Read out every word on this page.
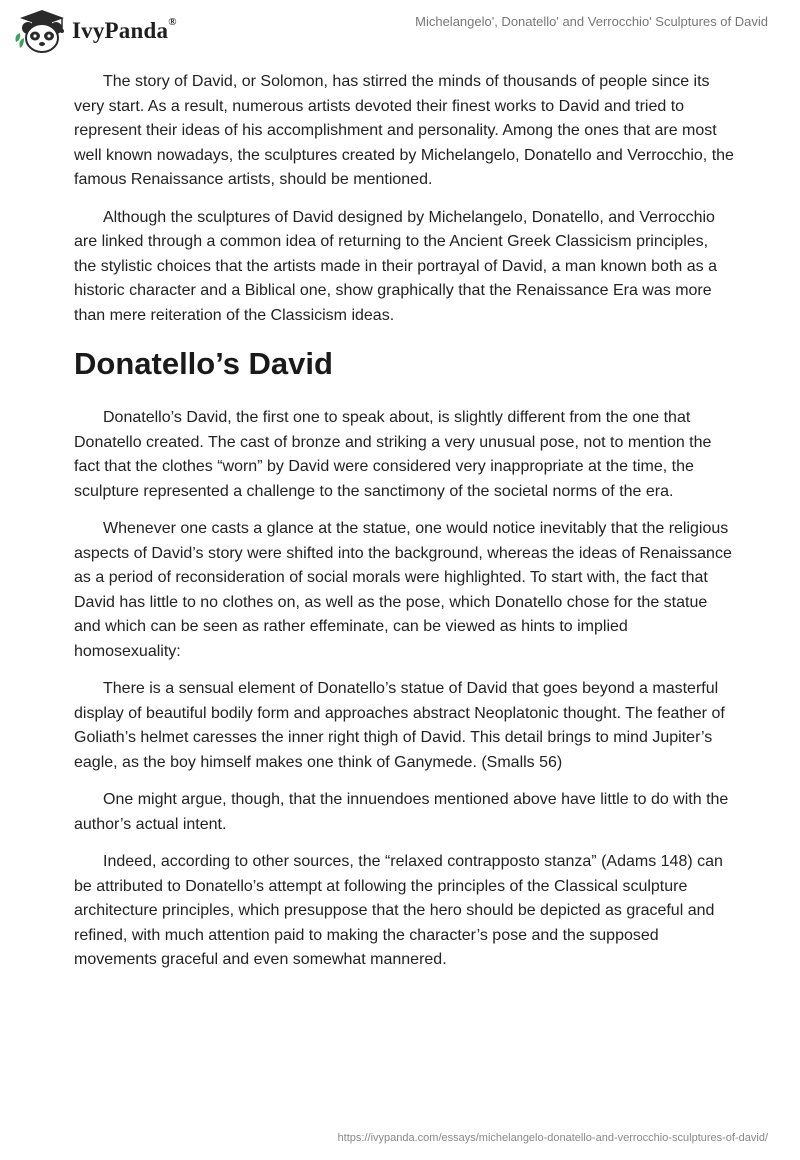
IvyPanda®	Michelangelo', Donatello' and Verrocchio' Sculptures of David

The story of David, or Solomon, has stirred the minds of thousands of people since its very start. As a result, numerous artists devoted their finest works to David and tried to represent their ideas of his accomplishment and personality. Among the ones that are most well known nowadays, the sculptures created by Michelangelo, Donatello and Verrocchio, the famous Renaissance artists, should be mentioned.

Although the sculptures of David designed by Michelangelo, Donatello, and Verrocchio are linked through a common idea of returning to the Ancient Greek Classicism principles, the stylistic choices that the artists made in their portrayal of David, a man known both as a historic character and a Biblical one, show graphically that the Renaissance Era was more than mere reiteration of the Classicism ideas.

Donatello’s David

Donatello’s David, the first one to speak about, is slightly different from the one that Donatello created. The cast of bronze and striking a very unusual pose, not to mention the fact that the clothes “worn” by David were considered very inappropriate at the time, the sculpture represented a challenge to the sanctimony of the societal norms of the era.

Whenever one casts a glance at the statue, one would notice inevitably that the religious aspects of David’s story were shifted into the background, whereas the ideas of Renaissance as a period of reconsideration of social morals were highlighted. To start with, the fact that David has little to no clothes on, as well as the pose, which Donatello chose for the statue and which can be seen as rather effeminate, can be viewed as hints to implied homosexuality:

There is a sensual element of Donatello’s statue of David that goes beyond a masterful display of beautiful bodily form and approaches abstract Neoplatonic thought. The feather of Goliath’s helmet caresses the inner right thigh of David. This detail brings to mind Jupiter’s eagle, as the boy himself makes one think of Ganymede. (Smalls 56)

One might argue, though, that the innuendoes mentioned above have little to do with the author’s actual intent.

Indeed, according to other sources, the “relaxed contrapposto stanza” (Adams 148) can be attributed to Donatello’s attempt at following the principles of the Classical sculpture architecture principles, which presuppose that the hero should be depicted as graceful and refined, with much attention paid to making the character’s pose and the supposed movements graceful and even somewhat mannered.

https://ivypanda.com/essays/michelangelo-donatello-and-verrocchio-sculptures-of-david/
